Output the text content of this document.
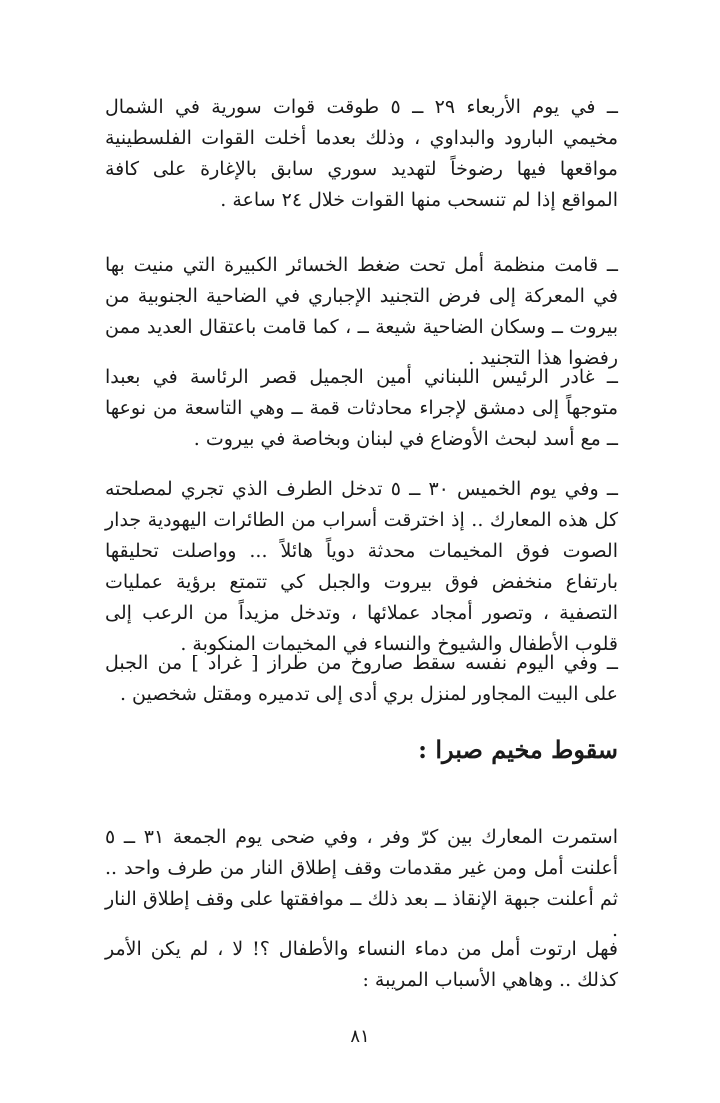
ــ في يوم الأربعاء ٢٩ ــ ٥ طوقت قوات سورية في الشمال مخيمي البارود والبداوي ، وذلك بعدما أخلت القوات الفلسطينية مواقعها فيها رضوخاً لتهديد سوري سابق بالإغارة على كافة المواقع إذا لم تنسحب منها القوات خلال ٢٤ ساعة .

ــ قامت منظمة أمل تحت ضغط الخسائر الكبيرة التي منيت بها في المعركة إلى فرض التجنيد الإجباري في الضاحية الجنوبية من بيروت ــ وسكان الضاحية شيعة ــ ، كما قامت باعتقال العديد ممن رفضوا هذا التجنيد .

ــ غادر الرئيس اللبناني أمين الجميل قصر الرئاسة في بعبدا متوجهاً إلى دمشق لإجراء محادثات قمة ــ وهي التاسعة من نوعها ــ مع أسد لبحث الأوضاع في لبنان وبخاصة في بيروت .

ــ وفي يوم الخميس ٣٠ ــ ٥ تدخل الطرف الذي تجري لمصلحته كل هذه المعارك .. إذ اخترقت أسراب من الطائرات اليهودية جدار الصوت فوق المخيمات محدثة دوياً هائلاً ... وواصلت تحليقها بارتفاع منخفض فوق بيروت والجبل كي تتمتع برؤية عمليات التصفية ، وتصور أمجاد عملائها ، وتدخل مزيداً من الرعب إلى قلوب الأطفال والشيوخ والنساء في المخيمات المنكوبة .

ــ وفي اليوم نفسه سقط صاروخ من طراز [ غراد ] من الجبل على البيت المجاور لمنزل بري أدى إلى تدميره ومقتل شخصين .

سقوط مخيم صبرا :

استمرت المعارك بين كرّ وفر ، وفي ضحى يوم الجمعة ٣١ ــ ٥ أعلنت أمل ومن غير مقدمات وقف إطلاق النار من طرف واحد .. ثم أعلنت جبهة الإنقاذ ــ بعد ذلك ــ موافقتها على وقف إطلاق النار .

فهل ارتوت أمل من دماء النساء والأطفال ؟! لا ، لم يكن الأمر كذلك .. وهاهي الأسباب المريبة :

٨١
